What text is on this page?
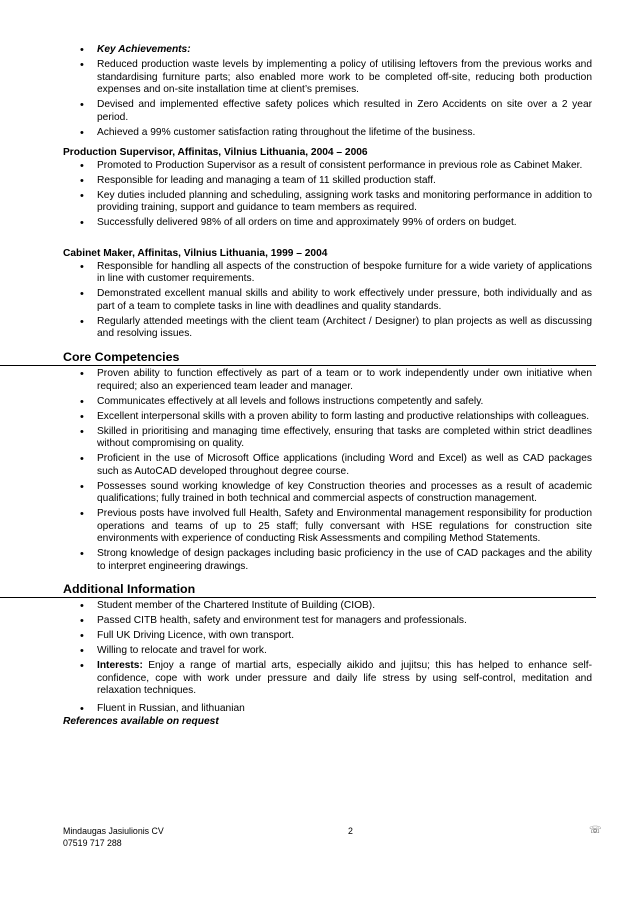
• Key Achievements:
• Reduced production waste levels by implementing a policy of utilising leftovers from the previous works and standardising furniture parts; also enabled more work to be completed off-site, reducing both production expenses and on-site installation time at client’s premises.
• Devised and implemented effective safety polices which resulted in Zero Accidents on site over a 2 year period.
• Achieved a 99% customer satisfaction rating throughout the lifetime of the business.

Production Supervisor, Affinitas, Vilnius Lithuania, 2004 – 2006

• Promoted to Production Supervisor as a result of consistent performance in previous role as Cabinet Maker.
• Responsible for leading and managing a team of 11 skilled production staff.
• Key duties included planning and scheduling, assigning work tasks and monitoring performance in addition to providing training, support and guidance to team members as required.
• Successfully delivered 98% of all orders on time and approximately 99% of orders on budget.

Cabinet Maker, Affinitas, Vilnius Lithuania, 1999 – 2004

• Responsible for handling all aspects of the construction of bespoke furniture for a wide variety of applications in line with customer requirements.
• Demonstrated excellent manual skills and ability to work effectively under pressure, both individually and as part of a team to complete tasks in line with deadlines and quality standards.
• Regularly attended meetings with the client team (Architect / Designer) to plan projects as well as discussing and resolving issues.
Core Competencies
• Proven ability to function effectively as part of a team or to work independently under own initiative when required; also an experienced team leader and manager.
• Communicates effectively at all levels and follows instructions competently and safely.
• Excellent interpersonal skills with a proven ability to form lasting and productive relationships with colleagues.
• Skilled in prioritising and managing time effectively, ensuring that tasks are completed within strict deadlines without compromising on quality.
• Proficient in the use of Microsoft Office applications (including Word and Excel) as well as CAD packages such as AutoCAD developed throughout degree course.
• Possesses sound working knowledge of key Construction theories and processes as a result of academic qualifications; fully trained in both technical and commercial aspects of construction management.
• Previous posts have involved full Health, Safety and Environmental management responsibility for production operations and teams of up to 25 staff; fully conversant with HSE regulations for construction site environments with experience of conducting Risk Assessments and compiling Method Statements.
• Strong knowledge of design packages including basic proficiency in the use of CAD packages and the ability to interpret engineering drawings.
Additional Information
• Student member of the Chartered Institute of Building (CIOB).
• Passed CITB health, safety and environment test for managers and professionals.
• Full UK Driving Licence, with own transport.
• Willing to relocate and travel for work.
• Interests: Enjoy a range of martial arts, especially aikido and jujitsu; this has helped to enhance self-confidence, cope with work under pressure and daily life stress by using self-control, meditation and relaxation techniques.
• Fluent in Russian, and lithuanian
References available on request
Mindaugas Jasiulionis CV
07519 717 288
2	☏
